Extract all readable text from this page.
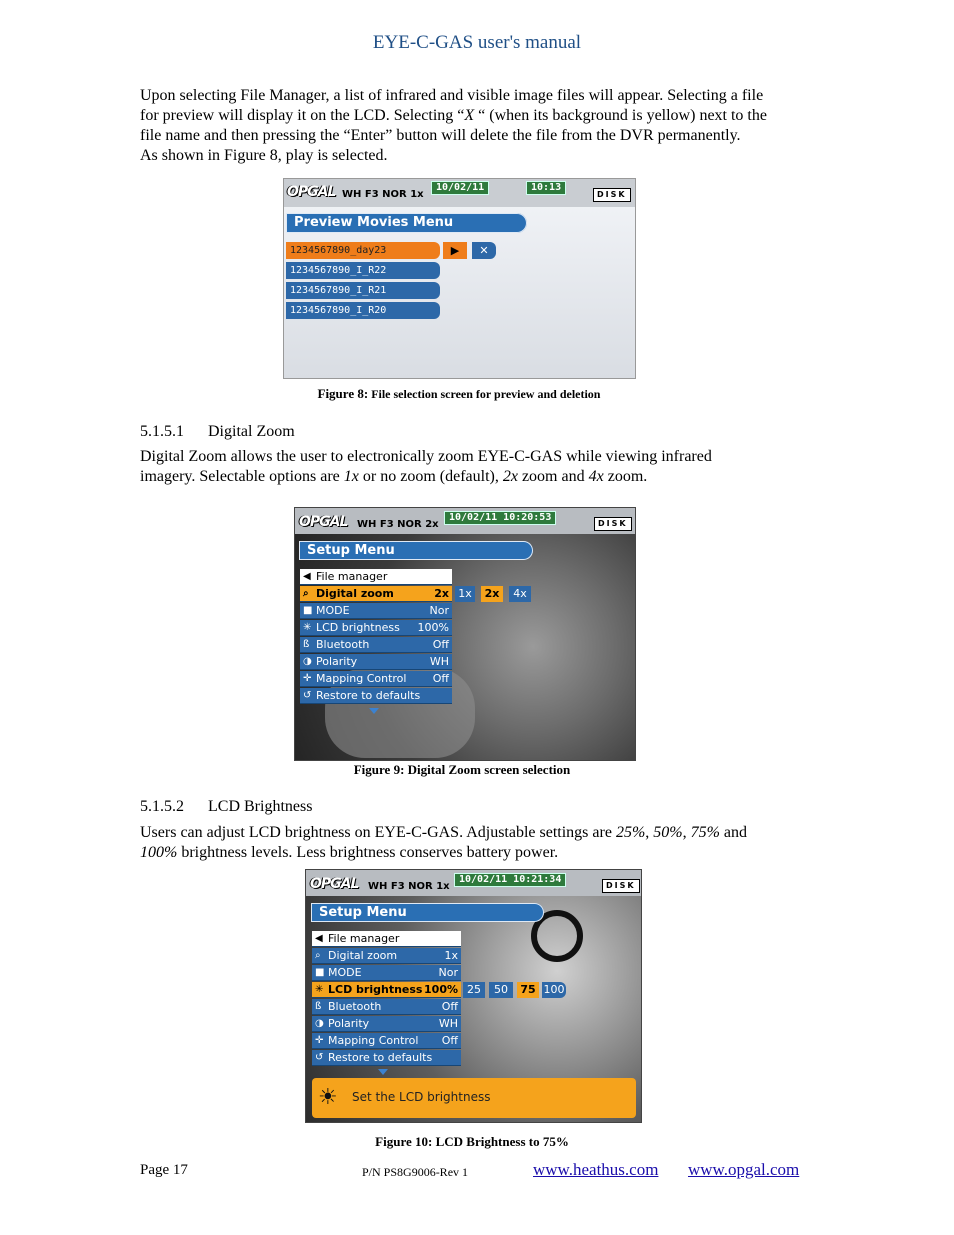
EYE-C-GAS user's manual
Upon selecting File Manager, a list of infrared and visible image files will appear. Selecting a file
for preview will display it on the LCD. Selecting “X “ (when its background is yellow) next to the
file name and then pressing the “Enter” button will delete the file from the DVR permanently.
As shown in Figure 8, play is selected.
OPGAL WH F3 NOR 1x
10/02/11	10:13
DISK
Preview Movies Menu
1234567890_day23	▶	✕
1234567890_I_R22
1234567890_I_R21
1234567890_I_R20
Figure 8: File selection screen for preview and deletion
5.1.5.1 Digital Zoom
Digital Zoom allows the user to electronically zoom EYE-C-GAS while viewing infrared
imagery. Selectable options are 1x or no zoom (default), 2x zoom and 4x zoom.
OPGAL WH F3 NOR 2x
10/02/11 10:20:53
DISK
Setup Menu
◀ File manager
⌕ Digital zoom	2x
■ MODE	Nor
✳ LCD brightness 100%
ß Bluetooth	Off
◑ Polarity	WH
✛ Mapping Control Off
↺ Restore to defaults
1x	2x	4x
Figure 9: Digital Zoom screen selection
5.1.5.2 LCD Brightness
Users can adjust LCD brightness on EYE-C-GAS. Adjustable settings are 25%, 50%, 75% and
100% brightness levels. Less brightness conserves battery power.
OPGAL WH F3 NOR 1x
10/02/11 10:21:34
DISK
Setup Menu
◀ File manager
⌕ Digital zoom	1x
■ MODE	Nor
✳ LCD brightness 100%
ß Bluetooth	Off
◑ Polarity	WH
✛ Mapping Control Off
↺ Restore to defaults
25	50	75 100
☀ Set the LCD brightness
Figure 10: LCD Brightness to 75%
Page 17	P/N PS8G9006-Rev 1	www.heathus.com www.opgal.com
